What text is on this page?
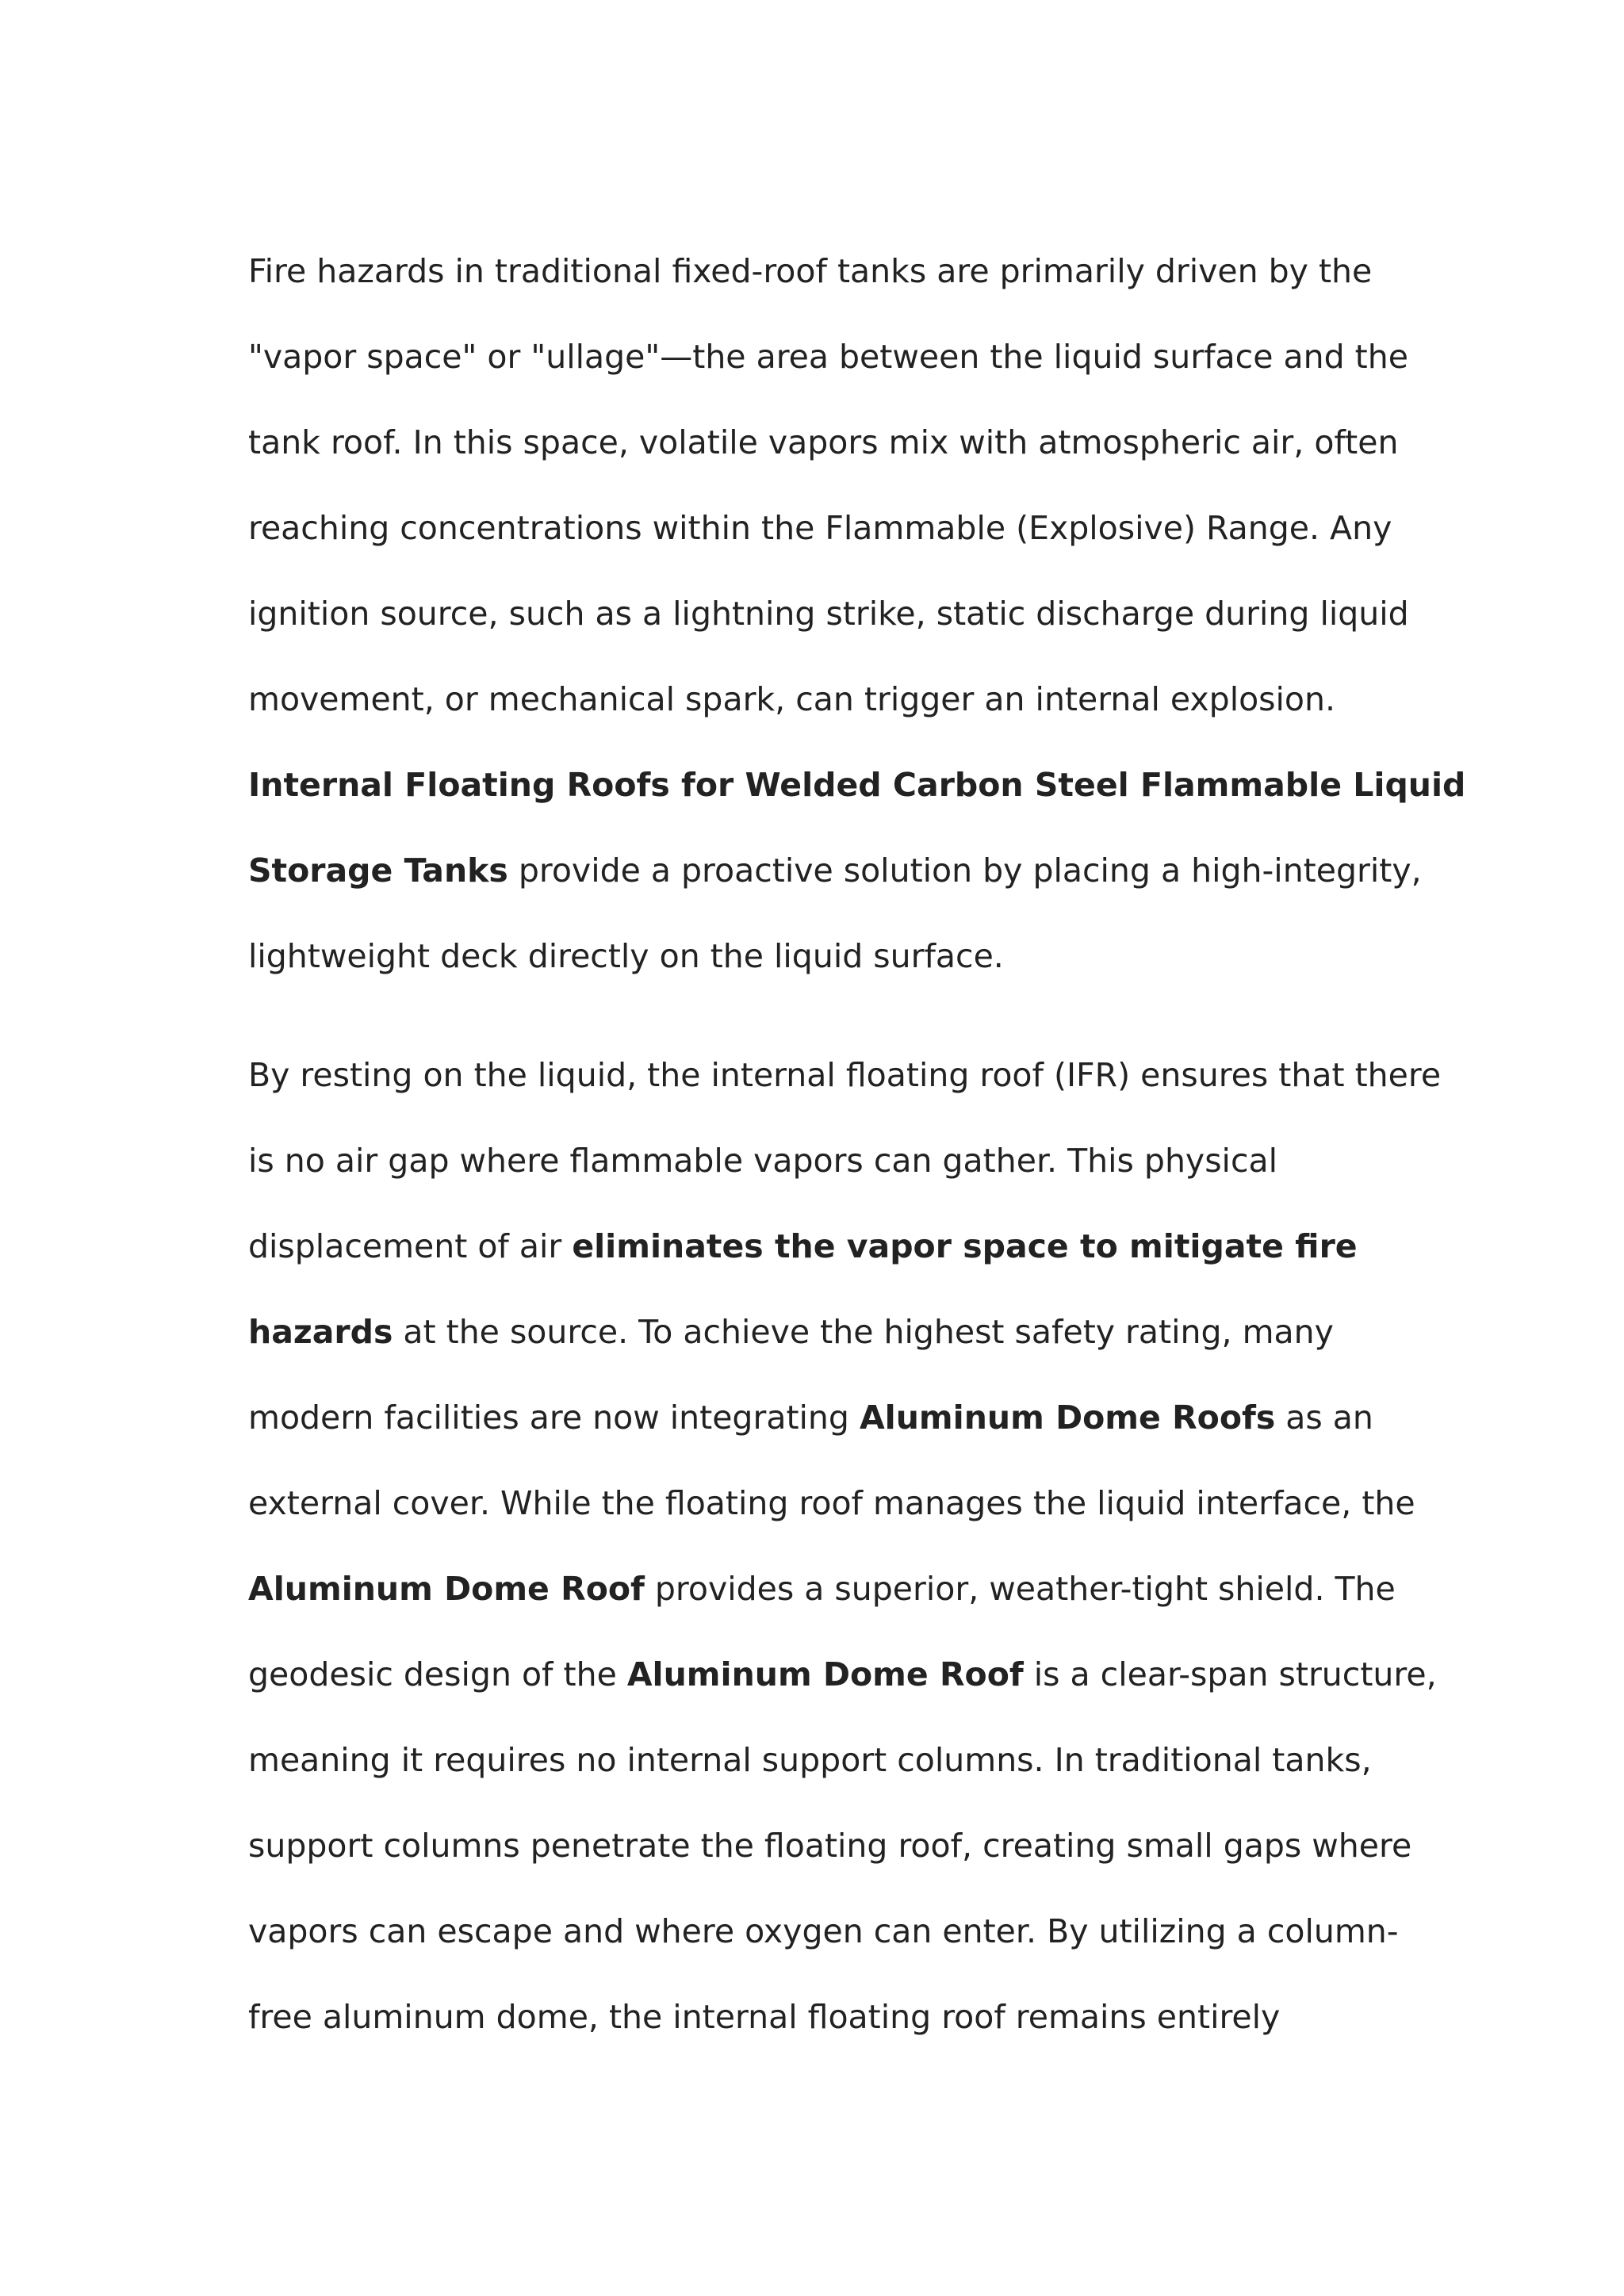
Fire hazards in traditional fixed-roof tanks are primarily driven by the
"vapor space" or "ullage"—the area between the liquid surface and the
tank roof. In this space, volatile vapors mix with atmospheric air, often
reaching concentrations within the Flammable (Explosive) Range. Any
ignition source, such as a lightning strike, static discharge during liquid
movement, or mechanical spark, can trigger an internal explosion.
Internal Floating Roofs for Welded Carbon Steel Flammable Liquid
Storage Tanks provide a proactive solution by placing a high-integrity,
lightweight deck directly on the liquid surface.
By resting on the liquid, the internal floating roof (IFR) ensures that there
is no air gap where flammable vapors can gather. This physical
displacement of air eliminates the vapor space to mitigate fire
hazards at the source. To achieve the highest safety rating, many
modern facilities are now integrating Aluminum Dome Roofs as an
external cover. While the floating roof manages the liquid interface, the
Aluminum Dome Roof provides a superior, weather-tight shield. The
geodesic design of the Aluminum Dome Roof is a clear-span structure,
meaning it requires no internal support columns. In traditional tanks,
support columns penetrate the floating roof, creating small gaps where
vapors can escape and where oxygen can enter. By utilizing a column-
free aluminum dome, the internal floating roof remains entirely
